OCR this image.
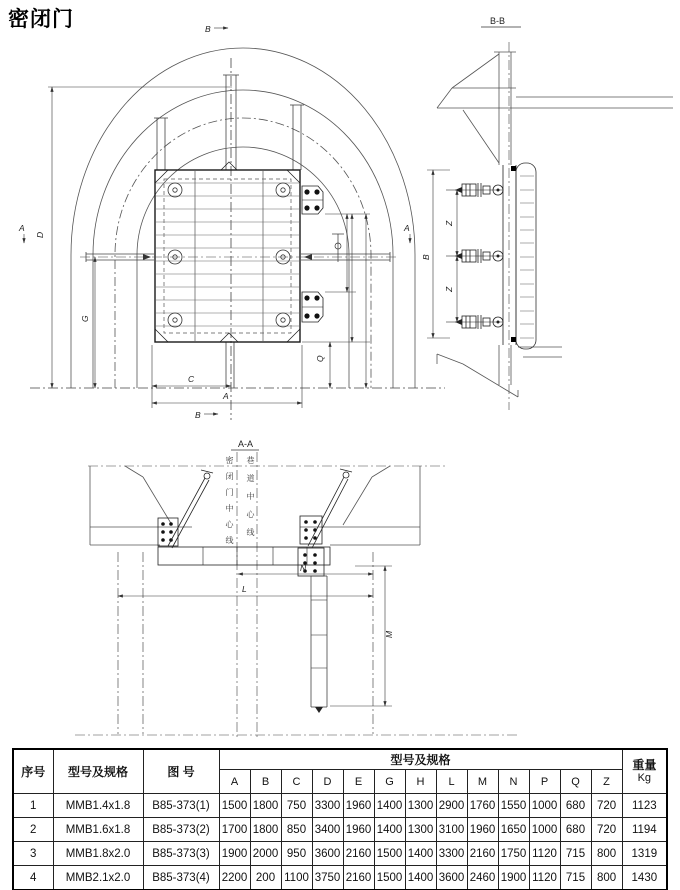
密闭门
D
G
C
A
Q
A	A
B
B
B-B
B
Z
Z
A-A
N
L
M
密闭门中心线 巷道中心线
序号	型号及规格	图 号	型号及规格													重量
Kg

			A	B	C	D	E	G	H	L	M	N	P	Q	Z	
1	MMB1.4x1.8	B85-373(1)	1500	1800	750	3300	1960	1400	1300	2900	1760	1550	1000	680	720	1123
2	MMB1.6x1.8	B85-373(2)	1700	1800	850	3400	1960	1400	1300	3100	1960	1650	1000	680	720	1194
3	MMB1.8x2.0	B85-373(3)	1900	2000	950	3600	2160	1500	1400	3300	2160	1750	1120	715	800	1319
4	MMB2.1x2.0	B85-373(4)	2200	200	1100	3750	2160	1500	1400	3600	2460	1900	1120	715	800	1430
